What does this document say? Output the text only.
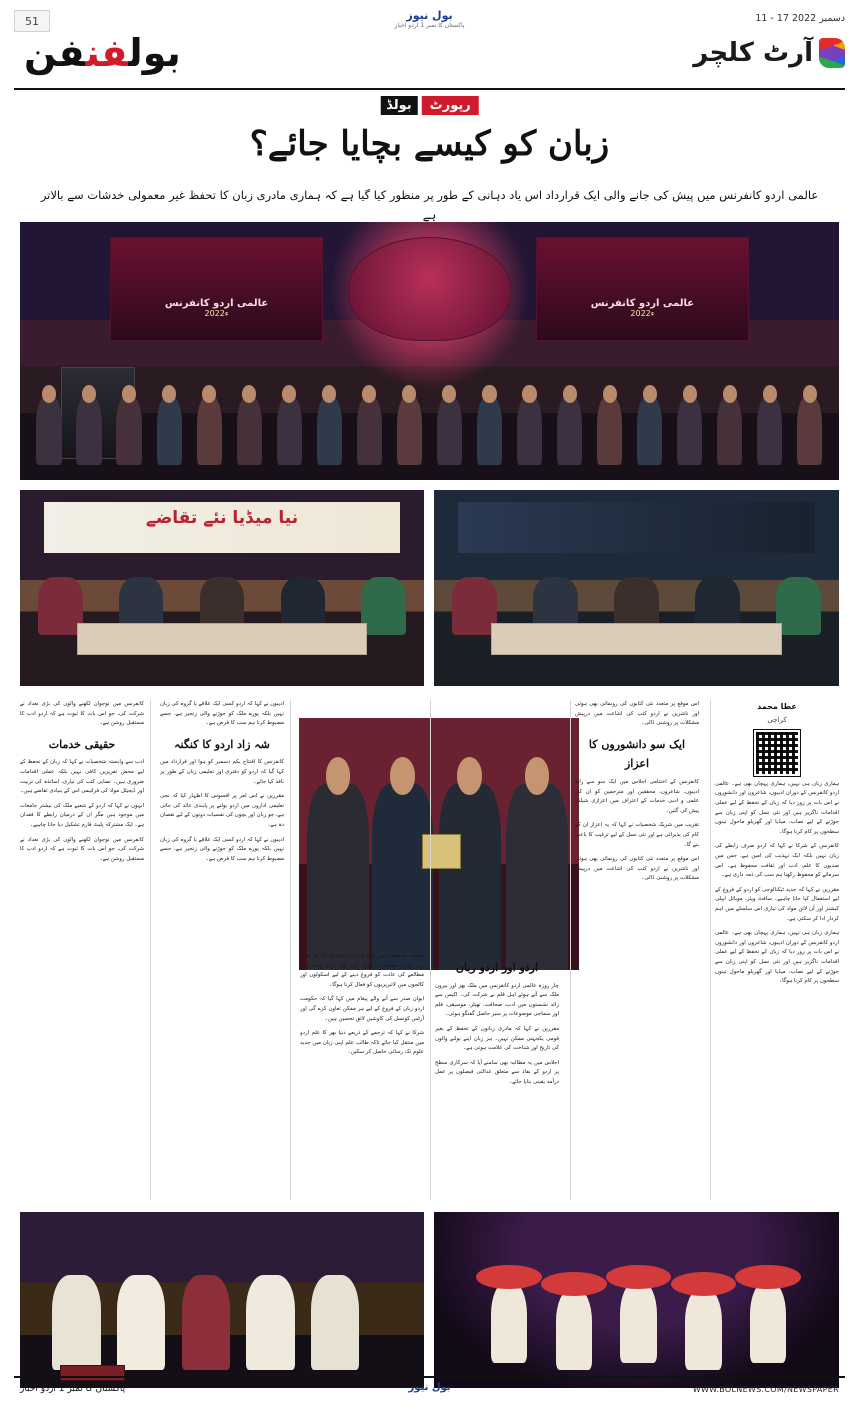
51	بول نیوز
پاکستان کا نمبر 1 اردو اخبار
11 - 17 دسمبر 2022
بولفنفن	آرٹ کلچر
بولڈ	رپورٹ
زبان کو کیسے بچایا جائے؟
عالمی اردو کانفرنس میں پیش کی جانے والی ایک قرارداد اس یاد دہانی کے طور پر منظور کیا گیا ہے کہ ہماری مادری زبان کا تحفظ غیر معمولی خدشات سے بالاتر ہے
عالمی اردو کانفرنس
2022ء
عالمی اردو کانفرنس
2022ء
نیا میڈیا نئے تقاضے
عطا محمد
کراچی

ہماری زبان ہی نہیں، ہماری پہچان بھی ہے۔ عالمی اردو کانفرنس کے دوران ادیبوں، شاعروں اور دانشوروں نے اس بات پر زور دیا کہ زبان کے تحفظ کے لیے عملی اقدامات ناگزیر ہیں اور نئی نسل کو اپنی زبان سے جوڑنے کے لیے نصاب، میڈیا اور گھریلو ماحول تینوں سطحوں پر کام کرنا ہوگا۔

کانفرنس کے شرکا نے کہا کہ اردو صرف رابطے کی زبان نہیں بلکہ ایک تہذیب کی امین ہے، جس میں صدیوں کا علم، ادب اور ثقافت محفوظ ہے۔ اس سرمائے کو محفوظ رکھنا ہم سب کی ذمہ داری ہے۔

مقررین نے کہا کہ جدید ٹیکنالوجی کو اردو کے فروغ کے لیے استعمال کیا جانا چاہیے۔ سافٹ ویئر، موبائل ایپلی کیشنز اور آن لائن مواد کی تیاری اس سلسلے میں اہم کردار ادا کر سکتی ہے۔

ہماری زبان ہی نہیں، ہماری پہچان بھی ہے۔ عالمی اردو کانفرنس کے دوران ادیبوں، شاعروں اور دانشوروں نے اس بات پر زور دیا کہ زبان کے تحفظ کے لیے عملی اقدامات ناگزیر ہیں اور نئی نسل کو اپنی زبان سے جوڑنے کے لیے نصاب، میڈیا اور گھریلو ماحول تینوں سطحوں پر کام کرنا ہوگا۔

اس موقع پر متعدد نئی کتابوں کی رونمائی بھی ہوئی اور ناشرین نے اردو کتب کی اشاعت میں درپیش مشکلات پر روشنی ڈالی۔

ایک سو دانشوروں کا اعزاز

کانفرنس کے اختتامی اجلاس میں ایک سو سے زائد ادیبوں، شاعروں، محققین اور مترجمین کو ان کی علمی و ادبی خدمات کے اعتراف میں اعزازی شیلڈز پیش کی گئیں۔

تقریب میں شریک شخصیات نے کہا کہ یہ اعزاز ان کے کام کی پذیرائی ہے اور نئی نسل کے لیے ترغیب کا باعث بنے گا۔

اس موقع پر متعدد نئی کتابوں کی رونمائی بھی ہوئی اور ناشرین نے اردو کتب کی اشاعت میں درپیش مشکلات پر روشنی ڈالی۔

اردو اور اردو زبان

چار روزہ عالمی اردو کانفرنس میں ملک بھر اور بیرون ملک سے آئے ہوئے اہل قلم نے شرکت کی۔ اکیس سے زائد نشستوں میں ادب، صحافت، تھیٹر، موسیقی، فلم اور سماجی موضوعات پر سیر حاصل گفتگو ہوئی۔

مقررین نے کہا کہ مادری زبانوں کے تحفظ کے بغیر قومی یکجہتی ممکن نہیں۔ ہر زبان اپنے بولنے والوں کی تاریخ اور شناخت کی علامت ہوتی ہے۔

اجلاس میں یہ مطالبہ بھی سامنے آیا کہ سرکاری سطح پر اردو کے نفاذ سے متعلق عدالتی فیصلوں پر عمل درآمد یقینی بنایا جائے۔

مختلف نشستوں میں اس بات پر اتفاق کیا گیا کہ کتاب سے دوری معاشرتی زوال کی ایک بڑی وجہ ہے۔ مطالعے کی عادت کو فروغ دینے کے لیے اسکولوں اور کالجوں میں لائبریریوں کو فعال کرنا ہوگا۔

ایوان صدر سے آنے والے پیغام میں کہا گیا کہ حکومت اردو زبان کے فروغ کے لیے ہر ممکن تعاون کرے گی اور آرٹس کونسل کی کاوشیں لائق تحسین ہیں۔

شرکا نے کہا کہ ترجمے کے ذریعے دنیا بھر کا علم اردو میں منتقل کیا جائے تاکہ طالب علم اپنی زبان میں جدید علوم تک رسائی حاصل کر سکیں۔

ادیبوں نے کہا کہ اردو کسی ایک علاقے یا گروہ کی زبان نہیں بلکہ پورے ملک کو جوڑنے والی زنجیر ہے، جسے مضبوط کرنا ہم سب کا فرض ہے۔

شہ زاد اردو کا کنگنہ

کانفرنس کا افتتاح یکم دسمبر کو ہوا اور قرارداد میں کہا گیا کہ اردو کو دفتری اور تعلیمی زبان کے طور پر نافذ کیا جائے۔

مقررین نے اس امر پر افسوس کا اظہار کیا کہ نجی تعلیمی اداروں میں اردو بولنے پر پابندی عائد کی جاتی ہے، جو زبان اور بچوں کی نفسیات دونوں کے لیے نقصان دہ ہے۔

ادیبوں نے کہا کہ اردو کسی ایک علاقے یا گروہ کی زبان نہیں بلکہ پورے ملک کو جوڑنے والی زنجیر ہے، جسے مضبوط کرنا ہم سب کا فرض ہے۔

کانفرنس میں نوجوان لکھنے والوں کی بڑی تعداد نے شرکت کی، جو اس بات کا ثبوت ہے کہ اردو ادب کا مستقبل روشن ہے۔

حقیقی خدمات

ادب سے وابستہ شخصیات نے کہا کہ زبان کے تحفظ کے لیے محض تقریریں کافی نہیں بلکہ عملی اقدامات ضروری ہیں۔ نصابی کتب کی تیاری، اساتذہ کی تربیت اور ڈیجیٹل مواد کی فراہمی اس کے بنیادی تقاضے ہیں۔

انہوں نے کہا کہ اردو کے شعبے ملک کی بیشتر جامعات میں موجود ہیں مگر ان کے درمیان رابطے کا فقدان ہے۔ ایک مشترکہ پلیٹ فارم تشکیل دیا جانا چاہیے۔

کانفرنس میں نوجوان لکھنے والوں کی بڑی تعداد نے شرکت کی، جو اس بات کا ثبوت ہے کہ اردو ادب کا مستقبل روشن ہے۔

پاکستان کا نمبر 1 اردو اخبار	بول نیوز	WWW.BOLNEWS.COM/NEWSPAPER
